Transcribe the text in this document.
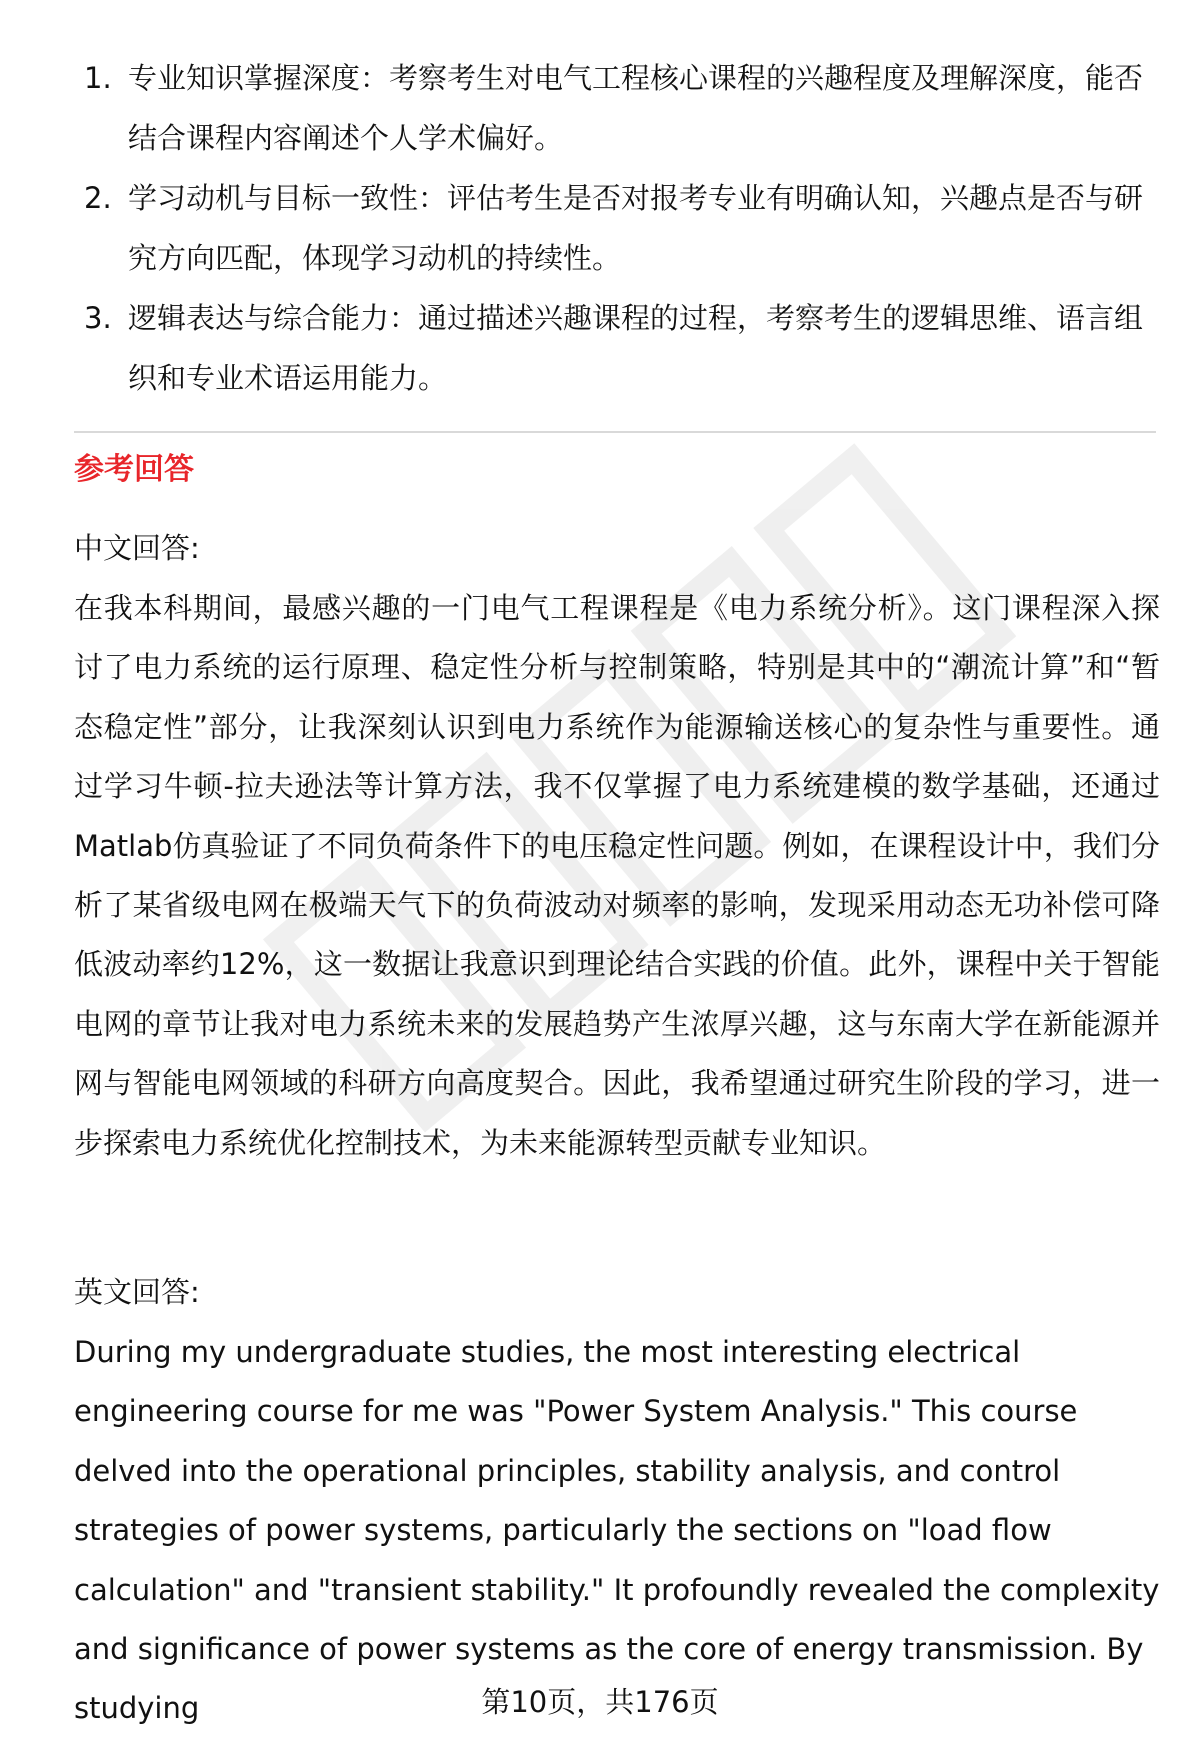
1. 专业知识掌握深度：考察考生对电气工程核心课程的兴趣程度及理解深度，能否结合课程内容阐述个人学术偏好。
2. 学习动机与目标一致性：评估考生是否对报考专业有明确认知，兴趣点是否与研究方向匹配，体现学习动机的持续性。
3. 逻辑表达与综合能力：通过描述兴趣课程的过程，考察考生的逻辑思维、语言组织和专业术语运用能力。
参考回答
中文回答:

在我本科期间，最感兴趣的一门电气工程课程是《电力系统分析》。这门课程深入探讨了电力系统的运行原理、稳定性分析与控制策略，特别是其中的“潮流计算”和“暂态稳定性”部分，让我深刻认识到电力系统作为能源输送核心的复杂性与重要性。通过学习牛顿-拉夫逊法等计算方法，我不仅掌握了电力系统建模的数学基础，还通过Matlab仿真验证了不同负荷条件下的电压稳定性问题。例如，在课程设计中，我们分析了某省级电网在极端天气下的负荷波动对频率的影响，发现采用动态无功补偿可降低波动率约12%，这一数据让我意识到理论结合实践的价值。此外，课程中关于智能电网的章节让我对电力系统未来的发展趋势产生浓厚兴趣，这与东南大学在新能源并网与智能电网领域的科研方向高度契合。因此，我希望通过研究生阶段的学习，进一步探索电力系统优化控制技术，为未来能源转型贡献专业知识。

英文回答:

During my undergraduate studies, the most interesting electrical engineering course for me was "Power System Analysis." This course delved into the operational principles, stability analysis, and control strategies of power systems, particularly the sections on "load flow calculation" and "transient stability." It profoundly revealed the complexity and significance of power systems as the core of energy transmission. By studying	第10页，共176页
